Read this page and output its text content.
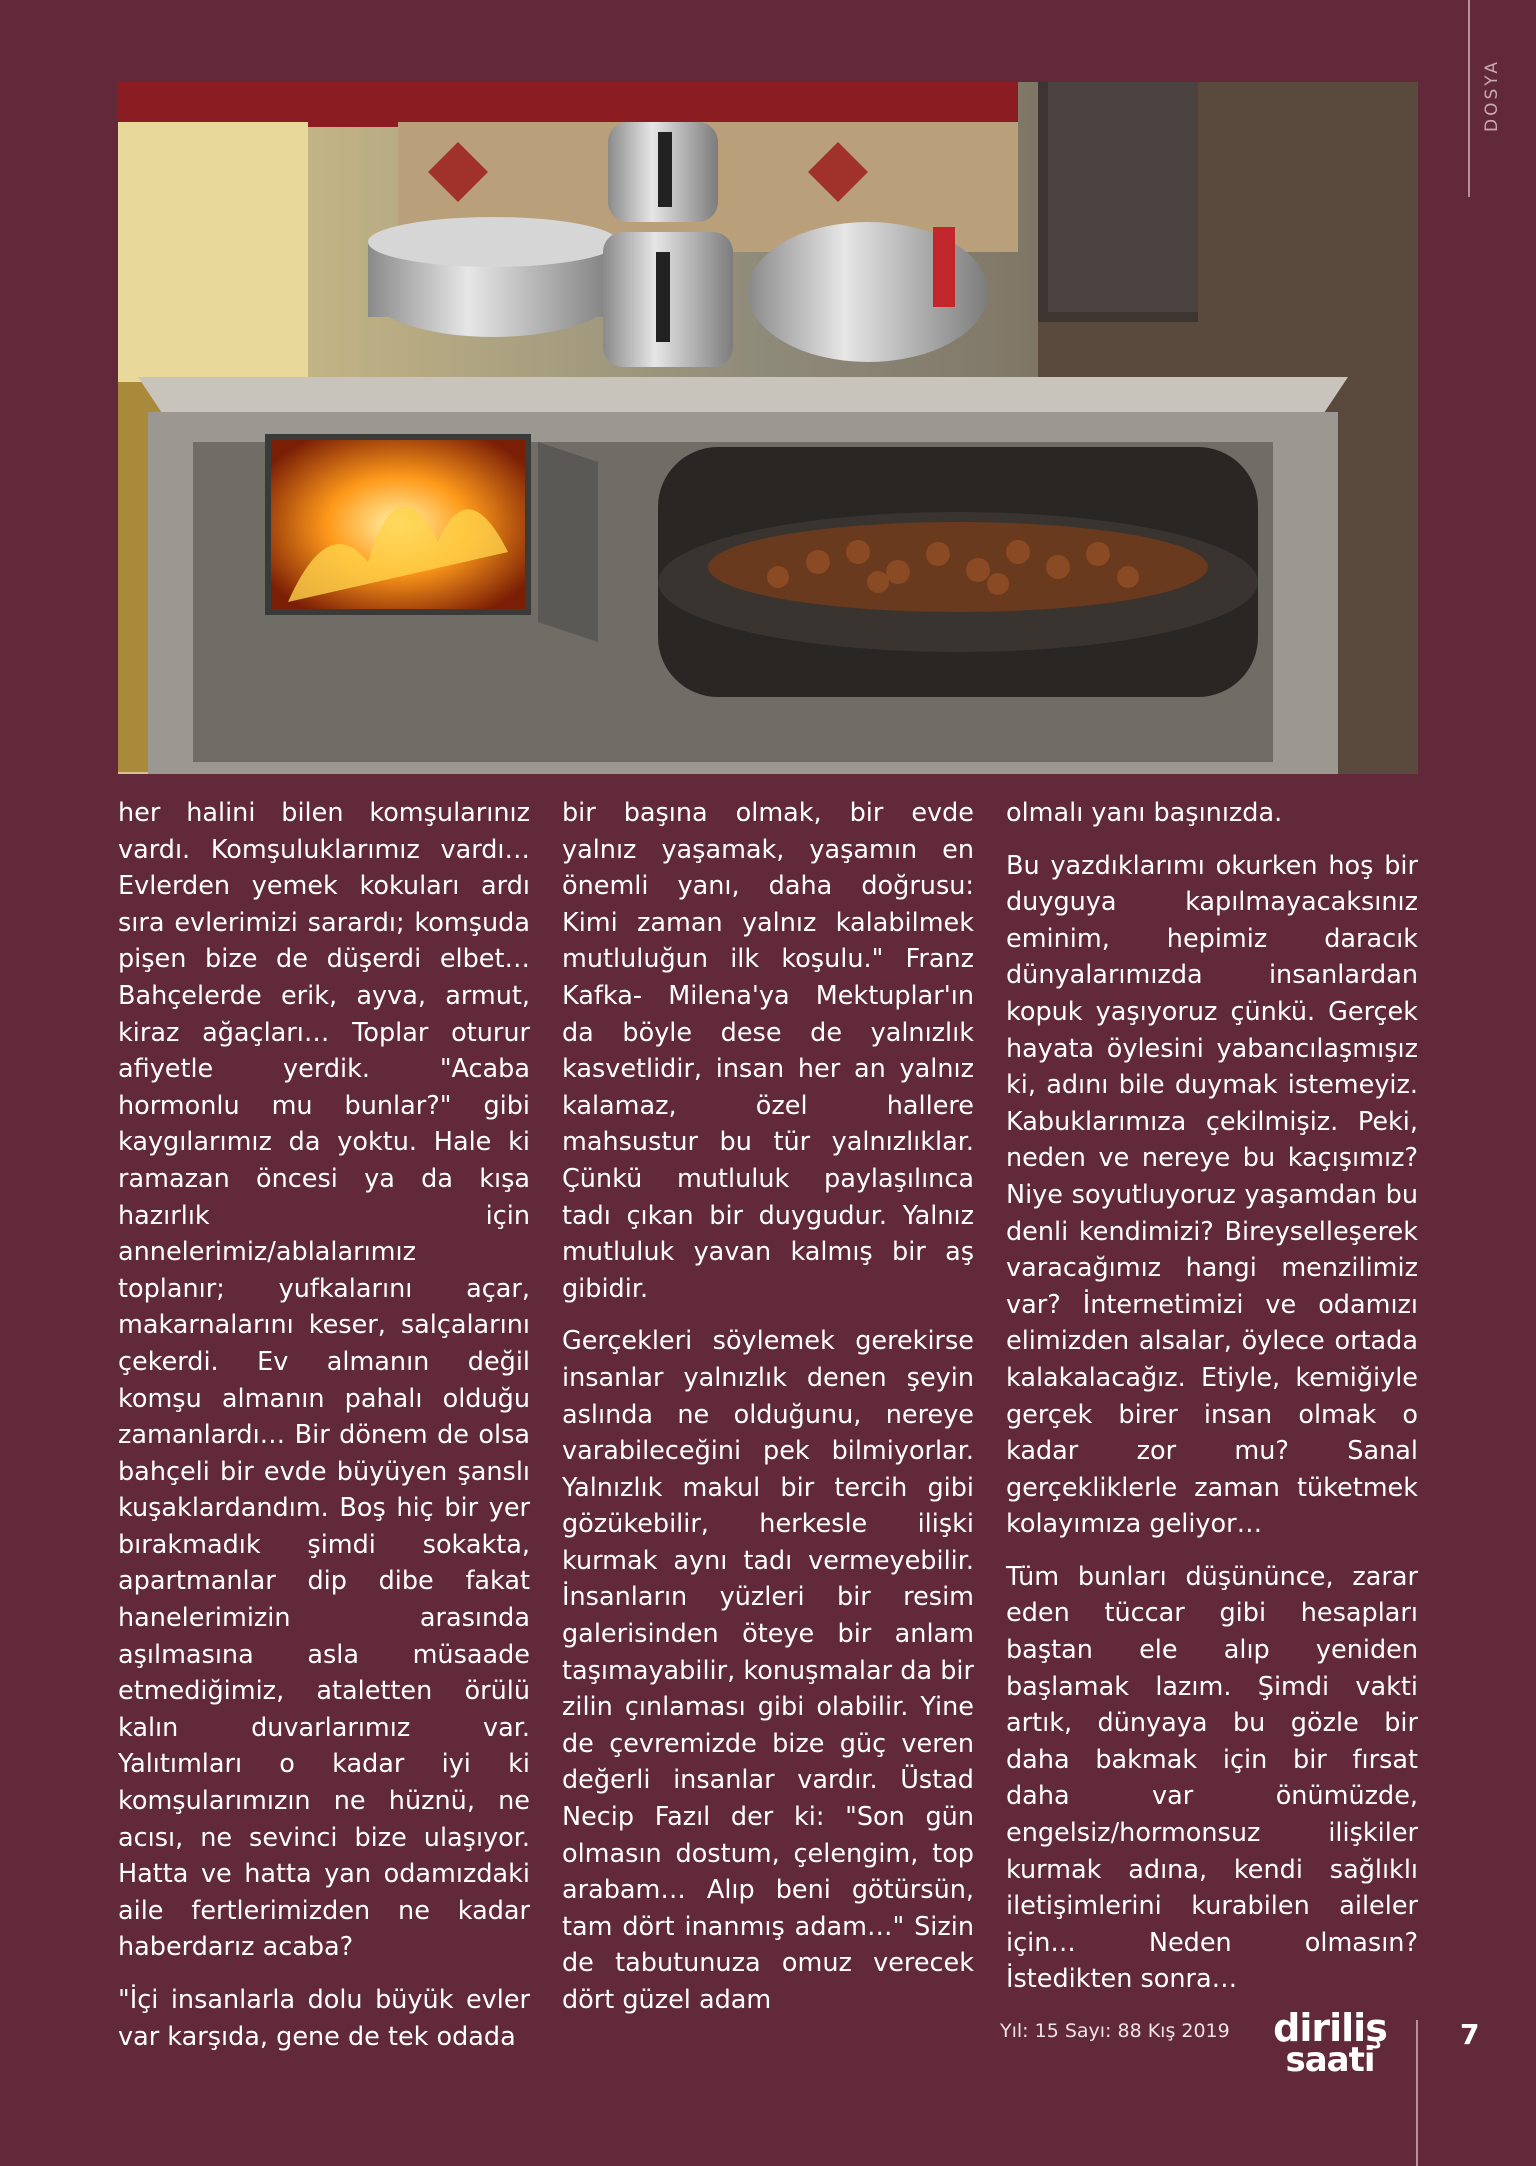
DOSYA

her halini bilen komşularınız vardı. Komşuluklarımız vardı… Evlerden yemek kokuları ardı sıra evlerimizi sarardı; komşuda pişen bize de düşerdi elbet… Bahçelerde erik, ayva, armut, kiraz ağaçları… Toplar oturur afiyetle yerdik. "Acaba hormonlu mu bunlar?" gibi kaygılarımız da yoktu. Hale ki ramazan öncesi ya da kışa hazırlık için annelerimiz/ablalarımız toplanır; yufkalarını açar, makarnalarını keser, salçalarını çekerdi. Ev almanın değil komşu almanın pahalı olduğu zamanlardı… Bir dönem de olsa bahçeli bir evde büyüyen şanslı kuşaklardandım. Boş hiç bir yer bırakmadık şimdi sokakta, apartmanlar dip dibe fakat hanelerimizin arasında aşılmasına asla müsaade etmediğimiz, ataletten örülü kalın duvarlarımız var. Yalıtımları o kadar iyi ki komşularımızın ne hüznü, ne acısı, ne sevinci bize ulaşıyor. Hatta ve hatta yan odamızdaki aile fertlerimizden ne kadar haberdarız acaba?

"İçi insanlarla dolu büyük evler var karşıda, gene de tek odada

bir başına olmak, bir evde yalnız yaşamak, yaşamın en önemli yanı, daha doğrusu: Kimi zaman yalnız kalabilmek mutluluğun ilk koşulu." Franz Kafka- Milena'ya Mektuplar'ın da böyle dese de yalnızlık kasvetlidir, insan her an yalnız kalamaz, özel hallere mahsustur bu tür yalnızlıklar. Çünkü mutluluk paylaşılınca tadı çıkan bir duygudur. Yalnız mutluluk yavan kalmış bir aş gibidir.

Gerçekleri söylemek gerekirse insanlar yalnızlık denen şeyin aslında ne olduğunu, nereye varabileceğini pek bilmiyorlar. Yalnızlık makul bir tercih gibi gözükebilir, herkesle ilişki kurmak aynı tadı vermeyebilir. İnsanların yüzleri bir resim galerisinden öteye bir anlam taşımayabilir, konuşmalar da bir zilin çınlaması gibi olabilir. Yine de çevremizde bize güç veren değerli insanlar vardır. Üstad Necip Fazıl der ki: "Son gün olmasın dostum, çelengim, top arabam… Alıp beni götürsün, tam dört inanmış adam…" Sizin de tabutunuza omuz verecek dört güzel adam

olmalı yanı başınızda.

Bu yazdıklarımı okurken hoş bir duyguya kapılmayacaksınız eminim, hepimiz daracık dünyalarımızda insanlardan kopuk yaşıyoruz çünkü. Gerçek hayata öylesini yabancılaşmışız ki, adını bile duymak istemeyiz. Kabuklarımıza çekilmişiz. Peki, neden ve nereye bu kaçışımız? Niye soyutluyoruz yaşamdan bu denli kendimizi? Bireyselleşerek varacağımız hangi menzilimiz var? İnternetimizi ve odamızı elimizden alsalar, öylece ortada kalakalacağız. Etiyle, kemiğiyle gerçek birer insan olmak o kadar zor mu? Sanal gerçekliklerle zaman tüketmek kolayımıza geliyor…

Tüm bunları düşününce, zarar eden tüccar gibi hesapları baştan ele alıp yeniden başlamak lazım. Şimdi vakti artık, dünyaya bu gözle bir daha bakmak için bir fırsat daha var önümüzde, engelsiz/hormonsuz ilişkiler kurmak adına, kendi sağlıklı iletişimlerini kurabilen aileler için… Neden olmasın? İstedikten sonra…

Yıl: 15 Sayı: 88 Kış 2019 diriliş
saati
7
